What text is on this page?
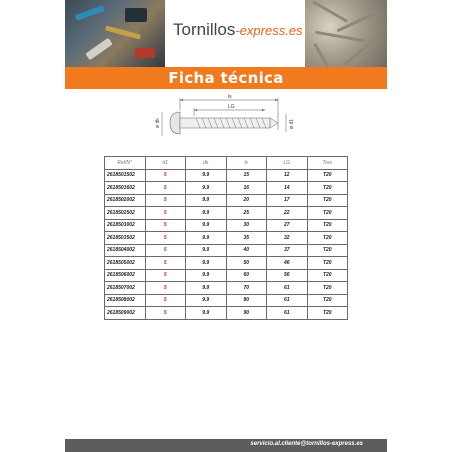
Tornillos-express.es
Ficha técnica
ls
LG
ø dk	ø d1
Ref/N°	d1	dk	ls	LG	Torx
2618501502	5	9.9	15	12	T20
2618501602	5	9.9	16	14	T20
2618502002	5	9.9	20	17	T20
2618502502	5	9.9	25	22	T20
2618503002	5	9.9	30	27	T20
2618503502	5	9.9	35	32	T20
2618504002	5	9.9	40	37	T20
2618505002	5	9.9	50	46	T20
2618506002	5	9.9	60	56	T20
2618507002	5	9.9	70	61	T20
2618508002	5	9.9	80	61	T20
2618509002	5	9.9	90	61	T20
servicio.al.cliente@tornillos-express.es
